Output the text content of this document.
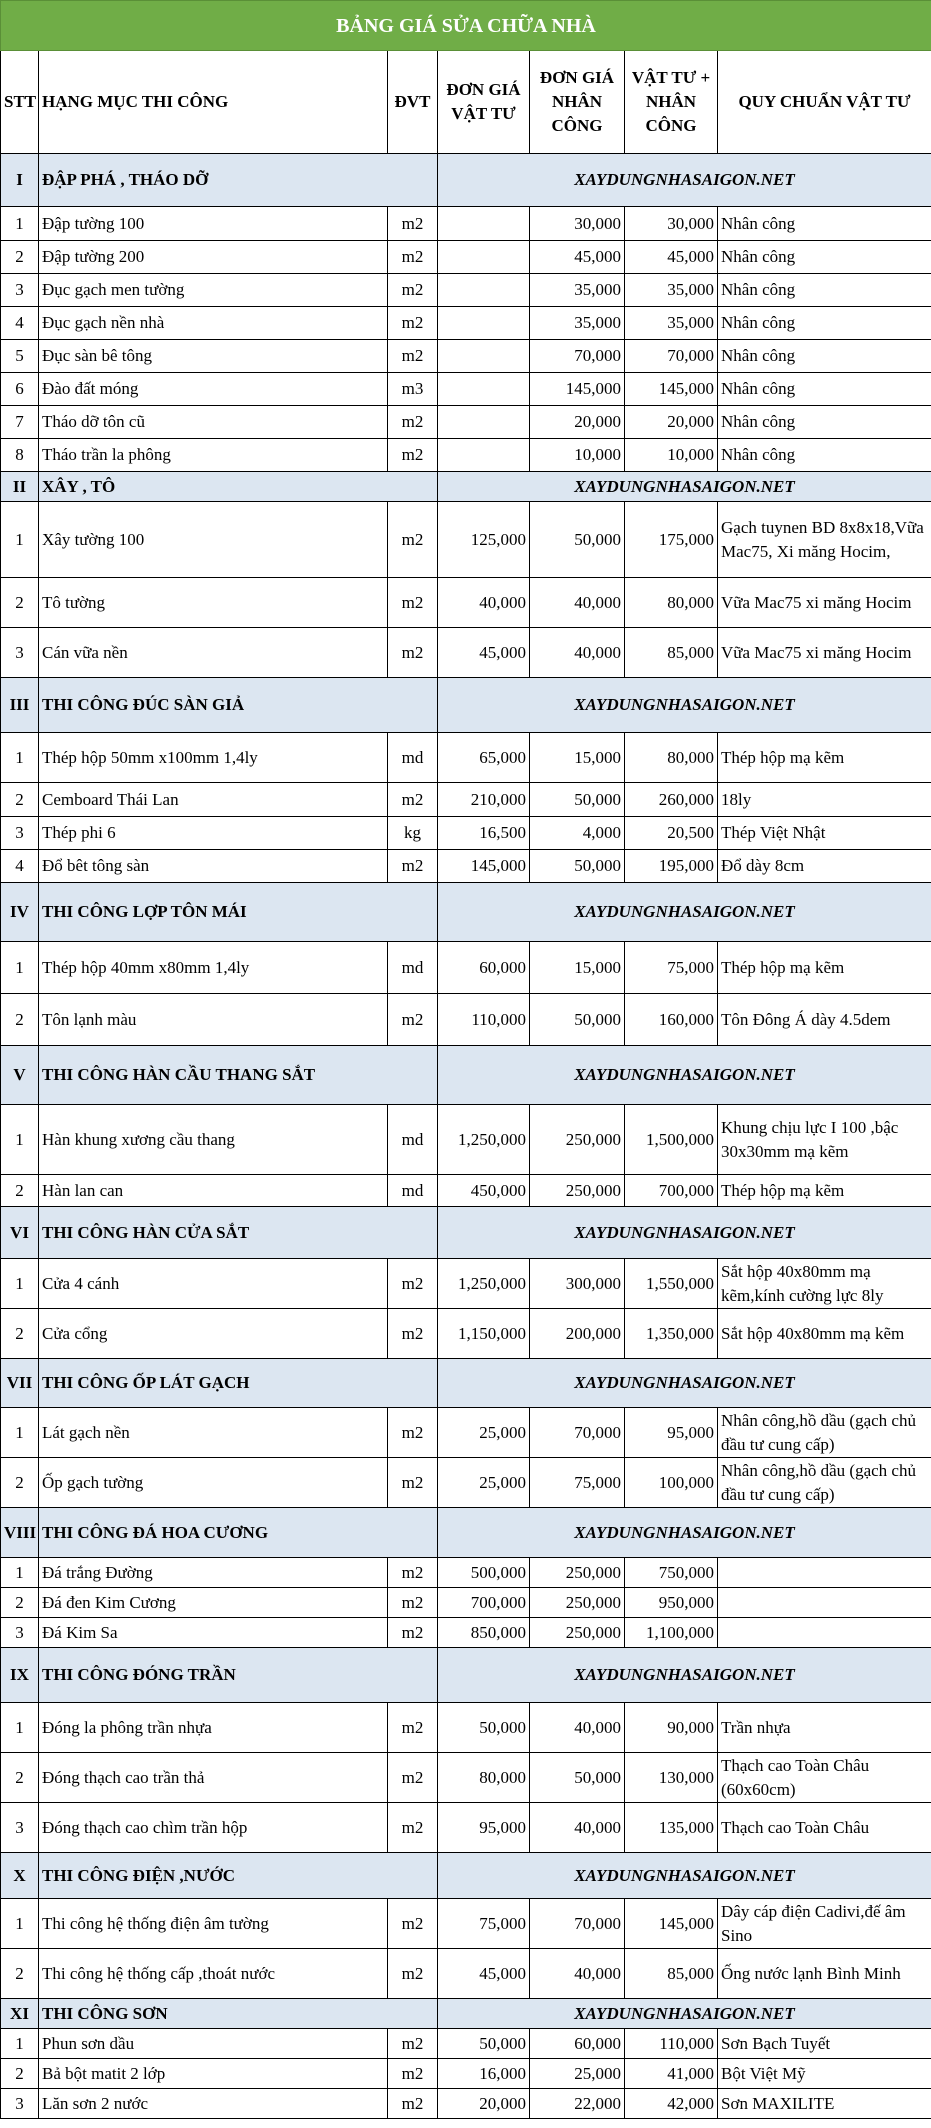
BẢNG GIÁ SỬA CHỮA NHÀ						
STT	HẠNG MỤC THI CÔNG	ĐVT	ĐƠN GIÁ VẬT TƯ	ĐƠN GIÁ NHÂN CÔNG	VẬT TƯ + NHÂN CÔNG	QUY CHUẨN VẬT TƯ
I	ĐẬP PHÁ , THÁO DỠ		XAYDUNGNHASAIGON.NET			
1	Đập tường 100	m2		30,000	30,000	Nhân công
2	Đập tường 200	m2		45,000	45,000	Nhân công
3	Đục gạch men tường	m2		35,000	35,000	Nhân công
4	Đục gạch nền nhà	m2		35,000	35,000	Nhân công
5	Đục sàn bê tông	m2		70,000	70,000	Nhân công
6	Đào đất móng	m3		145,000	145,000	Nhân công
7	Tháo dỡ tôn cũ	m2		20,000	20,000	Nhân công
8	Tháo trần la phông	m2		10,000	10,000	Nhân công
II	XÂY , TÔ		XAYDUNGNHASAIGON.NET			
1	Xây tường 100	m2	125,000	50,000	175,000	Gạch tuynen BD 8x8x18,Vữa Mac75, Xi măng Hocim,
2	Tô tường	m2	40,000	40,000	80,000	Vữa Mac75 xi măng Hocim
3	Cán vữa nền	m2	45,000	40,000	85,000	Vữa Mac75 xi măng Hocim
III	THI CÔNG ĐÚC SÀN GIẢ		XAYDUNGNHASAIGON.NET			
1	Thép hộp 50mm x100mm 1,4ly	md	65,000	15,000	80,000	Thép hộp mạ kẽm
2	Cemboard Thái Lan	m2	210,000	50,000	260,000	18ly
3	Thép phi 6	kg	16,500	4,000	20,500	Thép Việt Nhật
4	Đổ bêt tông sàn	m2	145,000	50,000	195,000	Đổ dày 8cm
IV	THI CÔNG LỢP TÔN MÁI		XAYDUNGNHASAIGON.NET			
1	Thép hộp 40mm x80mm 1,4ly	md	60,000	15,000	75,000	Thép hộp mạ kẽm
2	Tôn lạnh màu	m2	110,000	50,000	160,000	Tôn Đông Á dày 4.5dem
V	THI CÔNG HÀN CẦU THANG SẮT		XAYDUNGNHASAIGON.NET			
1	Hàn khung xương cầu thang	md	1,250,000	250,000	1,500,000	Khung chịu lực I 100 ,bậc 30x30mm mạ kẽm
2	Hàn lan can	md	450,000	250,000	700,000	Thép hộp mạ kẽm
VI	THI CÔNG HÀN CỬA SẮT		XAYDUNGNHASAIGON.NET			
1	Cửa 4 cánh	m2	1,250,000	300,000	1,550,000	Sắt hộp 40x80mm mạ kẽm,kính cường lực 8ly
2	Cửa cổng	m2	1,150,000	200,000	1,350,000	Sắt hộp 40x80mm mạ kẽm
VII	THI CÔNG ỐP LÁT GẠCH		XAYDUNGNHASAIGON.NET			
1	Lát gạch nền	m2	25,000	70,000	95,000	Nhân công,hồ dầu (gạch chủ đầu tư cung cấp)
2	Ốp gạch tường	m2	25,000	75,000	100,000	Nhân công,hồ dầu (gạch chủ đầu tư cung cấp)
VIII	THI CÔNG ĐÁ HOA CƯƠNG		XAYDUNGNHASAIGON.NET			
1	Đá trắng Đường	m2	500,000	250,000	750,000	
2	Đá đen Kim Cương	m2	700,000	250,000	950,000	
3	Đá Kim Sa	m2	850,000	250,000	1,100,000	
IX	THI CÔNG ĐÓNG TRẦN		XAYDUNGNHASAIGON.NET			
1	Đóng la phông trần nhựa	m2	50,000	40,000	90,000	Trần nhựa
2	Đóng thạch cao trần thả	m2	80,000	50,000	130,000	Thạch cao Toàn Châu (60x60cm)
3	Đóng thạch cao chìm trần hộp	m2	95,000	40,000	135,000	Thạch cao Toàn Châu
X	THI CÔNG ĐIỆN ,NƯỚC		XAYDUNGNHASAIGON.NET			
1	Thi công hệ thống điện âm tường	m2	75,000	70,000	145,000	Dây cáp điện Cadivi,đế âm Sino
2	Thi công hệ thống cấp ,thoát nước	m2	45,000	40,000	85,000	Ống nước lạnh Bình Minh
XI	THI CÔNG SƠN		XAYDUNGNHASAIGON.NET			
1	Phun sơn dầu	m2	50,000	60,000	110,000	Sơn Bạch Tuyết
2	Bả bột matit 2 lớp	m2	16,000	25,000	41,000	Bột Việt Mỹ
3	Lăn sơn 2 nước	m2	20,000	22,000	42,000	Sơn MAXILITE
